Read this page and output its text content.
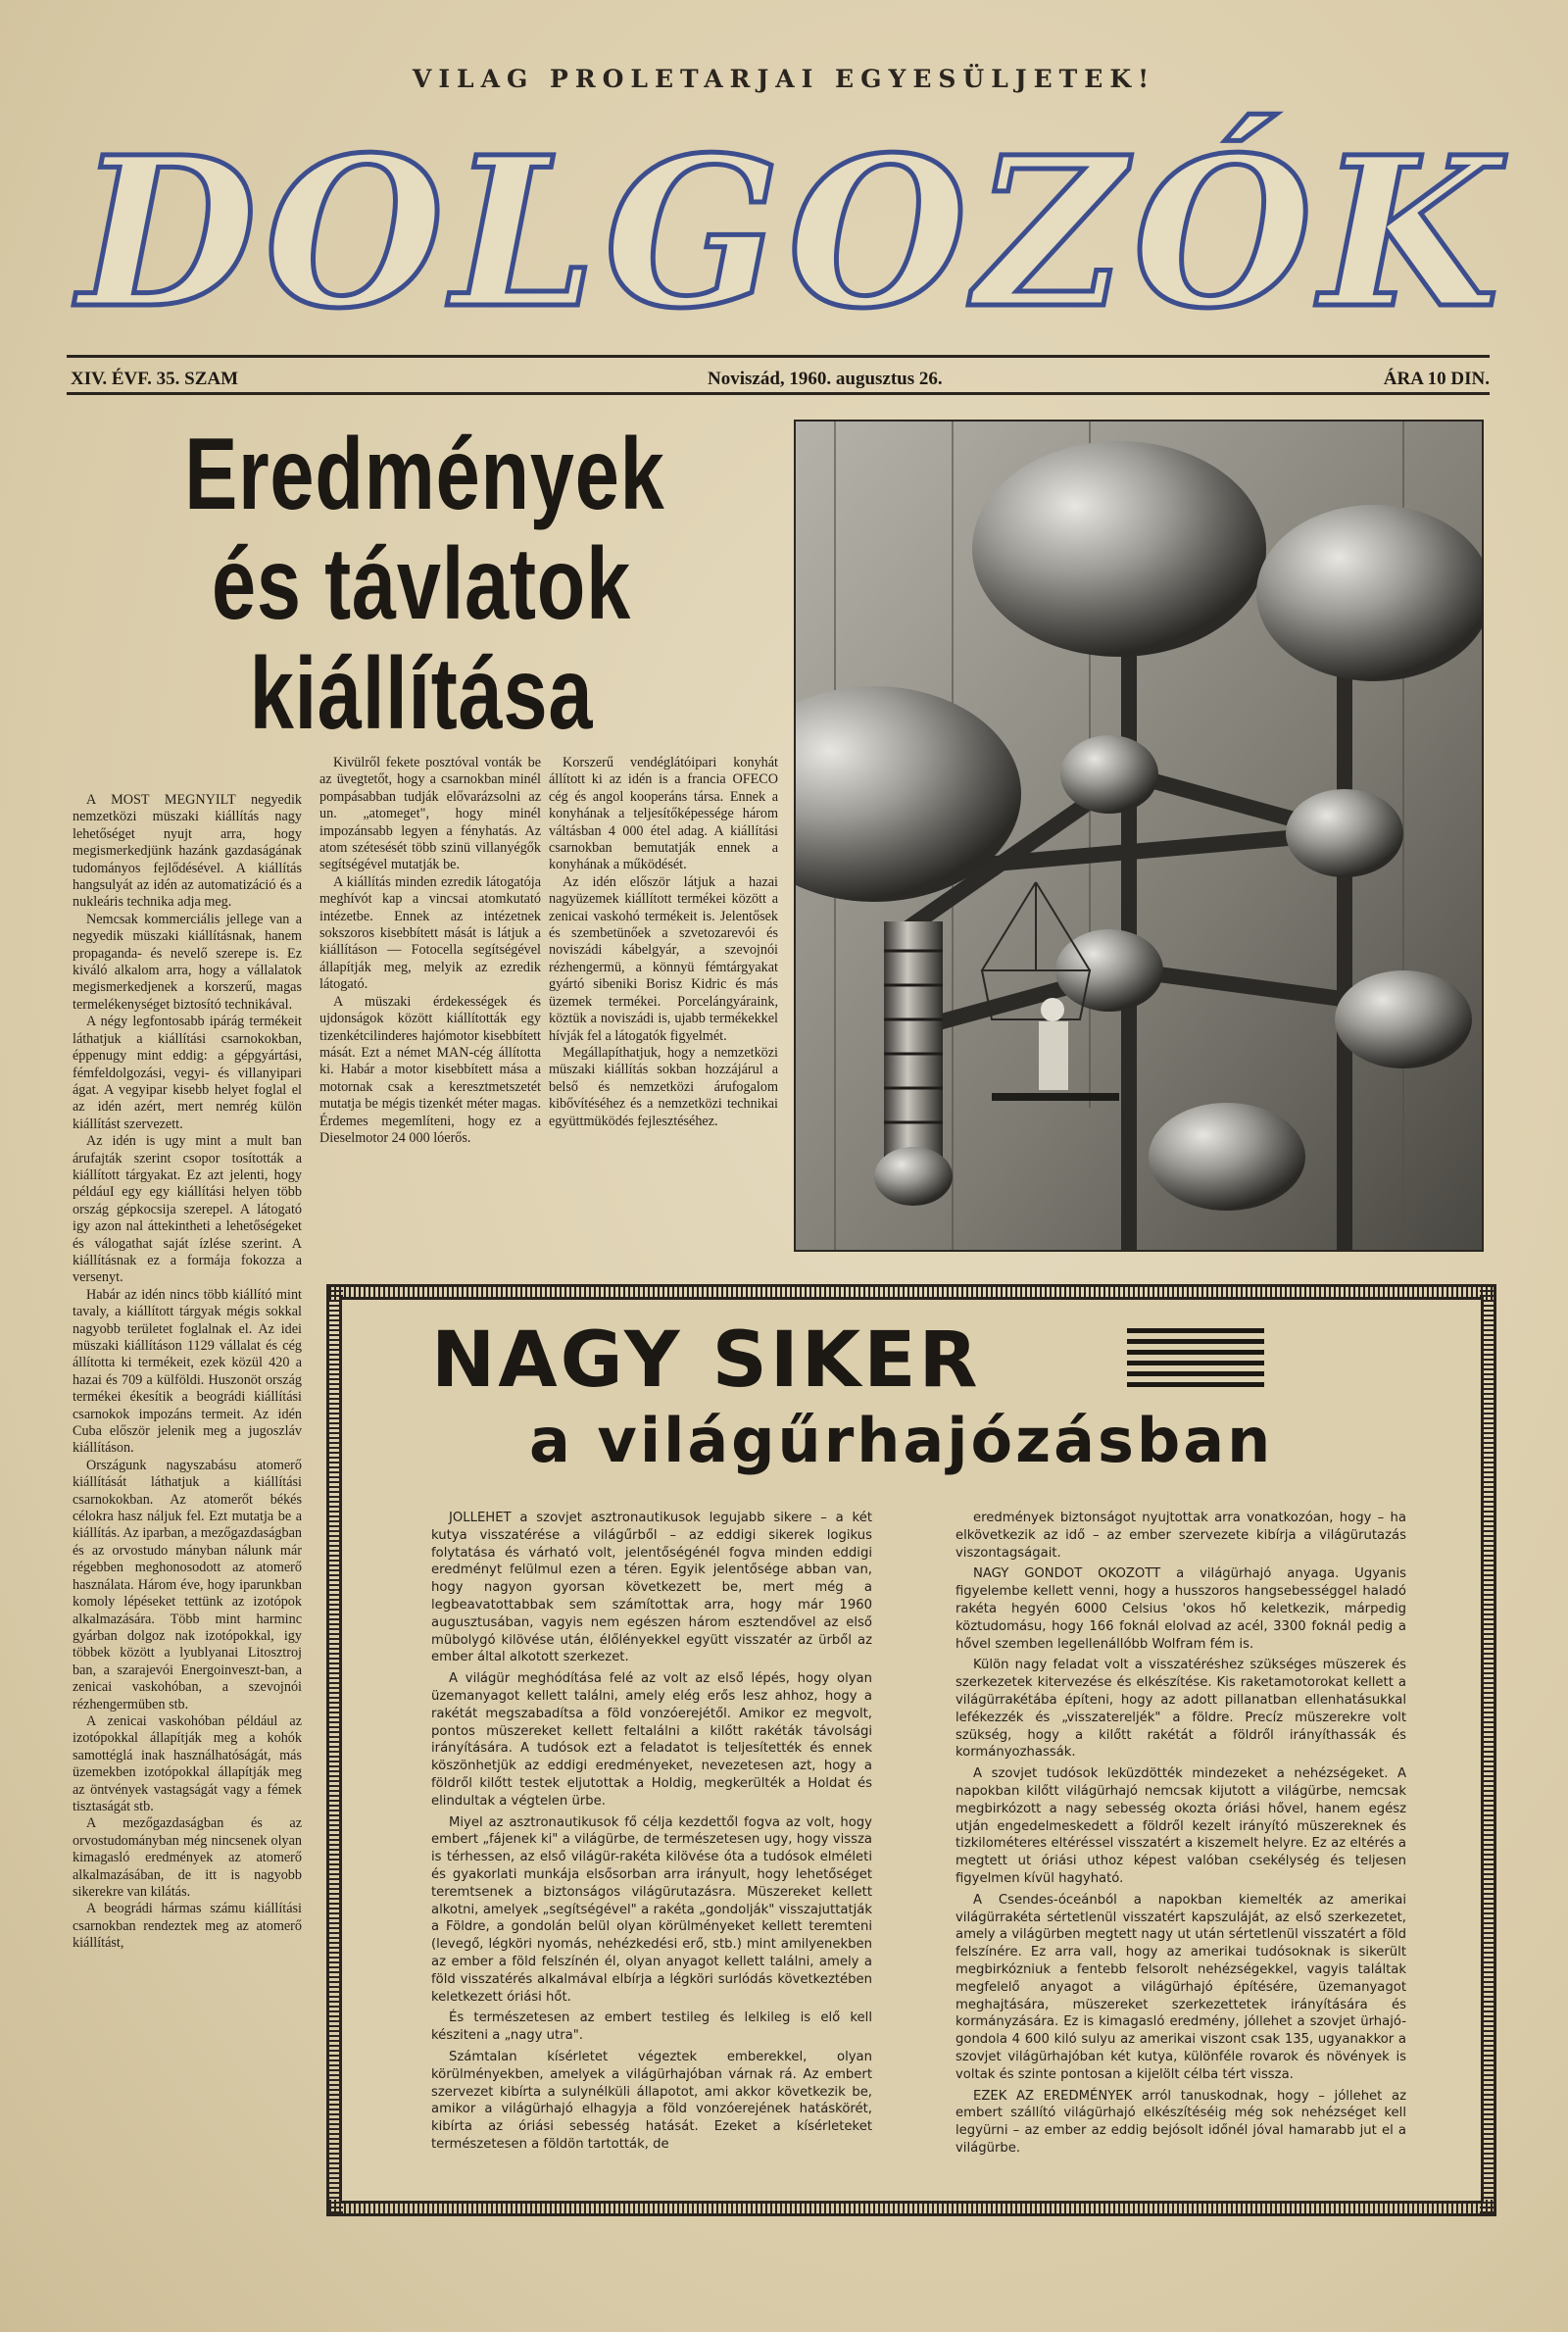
VILAG PROLETARJAI EGYESÜLJETEK!
DOLGOZÓK
XIV. ÉVF. 35. SZAM	Noviszád, 1960. augusztus 26.	ÁRA 10 DIN.
Eredmények
és távlatok
kiállítása

A MOST MEGNYILT negyedik nemzetközi müszaki kiállítás nagy lehetőséget nyujt arra, hogy megismerkedjünk hazánk gazdaságának tudományos fejlődésével. A kiállítás hangsulyát az idén az automatizáció és a nukleáris technika adja meg.

Nemcsak kommerciális jellege van a negyedik müszaki kiállításnak, hanem propaganda- és nevelő szerepe is. Ez kiváló alkalom arra, hogy a vállalatok megismerkedjenek a korszerű, magas termelékenységet biztosító technikával.

A négy legfontosabb ipárág termékeit láthatjuk a kiállítási csarnokokban, éppenugy mint eddig: a gépgyártási, fémfeldolgozási, vegyi- és villanyipari ágat. A vegyipar kisebb helyet foglal el az idén azért, mert nemrég külön kiállítást szervezett.

Az idén is ugy mint a mult ban árufajták szerint csopor tosították a kiállított tárgyakat. Ez azt jelenti, hogy példáuI egy egy kiállítási helyen több ország gépkocsija szerepel. A látogató igy azon nal áttekintheti a lehetőségeket és válogathat saját ízlése szerint. A kiállításnak ez a formája fokozza a versenyt.

Habár az idén nincs több kiállító mint tavaly, a kiállított tárgyak mégis sokkal nagyobb területet foglalnak el. Az idei müszaki kiállításon 1129 vállalat és cég állította ki termékeit, ezek közül 420 a hazai és 709 a külföldi. Huszonöt ország termékei ékesítik a beográdi kiállítási csarnokok impozáns termeit. Az idén Cuba először jelenik meg a jugoszláv kiállításon.

Országunk nagyszabásu atomerő kiállítását láthatjuk a kiállítási csarnokokban. Az atomerőt békés célokra hasz náljuk fel. Ezt mutatja be a kiállítás. Az iparban, a mezőgazdaságban és az orvostudo mányban nálunk már régebben meghonosodott az atomerő használata. Három éve, hogy iparunkban komoly lépéseket tettünk az izotópok alkalmazására. Több mint harminc gyárban dolgoz nak izotópokkal, igy többek között a lyublyanai Litosztroj ban, a szarajevói Energoinveszt-ban, a zenicai vaskohóban, a szevojnói rézhengermüben stb.

A zenicai vaskohóban például az izotópokkal állapítják meg a kohók samottéglá inak használhatóságát, más üzemekben izotópokkal állapítják meg az öntvények vastagságát vagy a fémek tisztaságát stb.

A mezőgazdaságban és az orvostudományban még nincsenek olyan kimagasló eredmények az atomerő alkalmazásában, de itt is nagyobb sikerekre van kilátás.

A beográdi hármas számu kiállítási csarnokban rendeztek meg az atomerő kiállítást,

Kivülről fekete posztóval vonták be az üvegtetőt, hogy a csarnokban minél pompásabban tudják elővarázsolni az un. „atomeget", hogy minél impozánsabb legyen a fényhatás. Az atom szétesését több szinü villanyégők segítségével mutatják be.

A kiállítás minden ezredik látogatója meghívót kap a vincsai atomkutató intézetbe. Ennek az intézetnek sokszoros kisebbített mását is látjuk a kiállításon — Fotocella segítségével állapítják meg, melyik az ezredik látogató.

A müszaki érdekességek és ujdonságok között kiállították egy tizenkétcilinderes hajómotor kisebbített mását. Ezt a német MAN-cég állította ki. Habár a motor kisebbített mása a motornak csak a keresztmetszetét mutatja be mégis tizenkét méter magas. Érdemes megemlíteni, hogy ez a Dieselmotor 24 000 lóerős.

Korszerű vendéglátóipari konyhát állított ki az idén is a francia OFECO cég és angol kooperáns társa. Ennek a konyhának a teljesítőképessége három váltásban 4 000 étel adag. A kiállítási csarnokban bemutatják ennek a konyhának a működését.

Az idén először látjuk a hazai nagyüzemek kiállított termékei között a zenicai vaskohó termékeit is. Jelentősek és szembetünőek a szvetozarevói és noviszádi kábelgyár, a szevojnói rézhengermü, a könnyü fémtárgyakat gyártó sibeniki Borisz Kidric és más üzemek termékei. Porcelángyáraink, köztük a noviszádi is, ujabb termékekkel hívják fel a látogatók figyelmét.

Megállapíthatjuk, hogy a nemzetközi müszaki kiállítás sokban hozzájárul a belső és nemzetközi árufogalom kibővítéséhez és a nemzetközi technikai együttmüködés fejlesztéséhez.

NAGY SIKER
a világűrhajózásban

JOLLEHET a szovjet asztronautikusok legujabb sikere – a két kutya visszatérése a világűrből – az eddigi sikerek logikus folytatása és várható volt, jelentőségénél fogva minden eddigi eredményt felülmul ezen a téren. Egyik jelentősége abban van, hogy nagyon gyorsan következett be, mert még a legbeavatottabbak sem számítottak arra, hogy már 1960 augusztusában, vagyis nem egészen három esztendővel az első mübolygó kilövése után, élőlényekkel együtt visszatér az ürből az ember által alkotott szerkezet.

A világür meghódítása felé az volt az első lépés, hogy olyan üzemanyagot kellett találni, amely elég erős lesz ahhoz, hogy a rakétát megszabadítsa a föld vonzóerejétől. Amikor ez megvolt, pontos müszereket kellett feltalálni a kilőtt rakéták távolsági irányítására. A tudósok ezt a feladatot is teljesítették és ennek köszönhetjük az eddigi eredményeket, nevezetesen azt, hogy a földről kilőtt testek eljutottak a Holdig, megkerülték a Holdat és elindultak a végtelen ürbe.

Miyel az asztronautikusok fő célja kezdettől fogva az volt, hogy embert „fájenek ki" a világürbe, de természetesen ugy, hogy vissza is térhessen, az első világür-rakéta kilövése óta a tudósok elméleti és gyakorlati munkája elsősorban arra irányult, hogy lehetőséget teremtsenek a biztonságos világürutazásra. Müszereket kellett alkotni, amelyek „segítségével" a rakéta „gondolják" visszajuttatják a Földre, a gondolán belül olyan körülményeket kellett teremteni (levegő, légköri nyomás, nehézkedési erő, stb.) mint amilyenekben az ember a föld felszínén él, olyan anyagot kellett találni, amely a föld visszatérés alkalmával elbírja a légköri surlódás következtében keletkezett óriási hőt.

És természetesen az embert testileg és lelkileg is elő kell késziteni a „nagy utra".

Számtalan kísérletet végeztek emberekkel, olyan körülményekben, amelyek a világürhajóban várnak rá. Az embert szervezet kibírta a sulynélküli állapotot, ami akkor következik be, amikor a világürhajó elhagyja a föld vonzóerejének hatáskörét, kibírta az óriási sebesség hatását. Ezeket a kísérleteket természetesen a földön tartották, de

eredmények biztonságot nyujtottak arra vonatkozóan, hogy – ha elkövetkezik az idő – az ember szervezete kibírja a világürutazás viszontagságait.

NAGY GONDOT OKOZOTT a világürhajó anyaga. Ugyanis figyelembe kellett venni, hogy a husszoros hangsebességgel haladó rakéta hegyén 6000 Celsius 'okos hő keletkezik, márpedig köztudomásu, hogy 166 foknál elolvad az acél, 3300 foknál pedig a hővel szemben legellenállóbb Wolfram fém is.

Külön nagy feladat volt a visszatéréshez szükséges müszerek és szerkezetek kitervezése és elkészítése. Kis raketamotorokat kellett a világürrakétába építeni, hogy az adott pillanatban ellenhatásukkal lefékezzék és „visszatereljék" a földre. Precíz müszerekre volt szükség, hogy a kilőtt rakétát a földről irányíthassák és kormányozhassák.

A szovjet tudósok leküzdötték mindezeket a nehézségeket. A napokban kilőtt világürhajó nemcsak kijutott a világürbe, nemcsak megbirkózott a nagy sebesség okozta óriási hővel, hanem egész utján engedelmeskedett a földről kezelt irányító müszereknek és tizkilométeres eltéréssel visszatért a kiszemelt helyre. Ez az eltérés a megtett ut óriási uthoz képest valóban csekélység és teljesen figyelmen kívül hagyható.

A Csendes-óceánból a napokban kiemelték az amerikai világürrakéta sértetlenül visszatért kapszuláját, az első szerkezetet, amely a világürben megtett nagy ut után sértetlenül visszatért a föld felszínére. Ez arra vall, hogy az amerikai tudósoknak is sikerült megbirkózniuk a fentebb felsorolt nehézségekkel, vagyis találtak megfelelő anyagot a világürhajó építésére, üzemanyagot meghajtására, müszereket szerkezettetek irányítására és kormányzására. Ez is kimagasló eredmény, jóllehet a szovjet ürhajó-gondola 4 600 kiló sulyu az amerikai viszont csak 135, ugyanakkor a szovjet világürhajóban két kutya, különféle rovarok és növények is voltak és szinte pontosan a kijelölt célba tért vissza.

EZEK AZ EREDMÉNYEK arról tanuskodnak, hogy – jóllehet az embert szállító világürhajó elkészítéséig még sok nehézséget kell legyürni – az ember az eddig bejósolt időnél jóval hamarabb jut el a világürbe.
